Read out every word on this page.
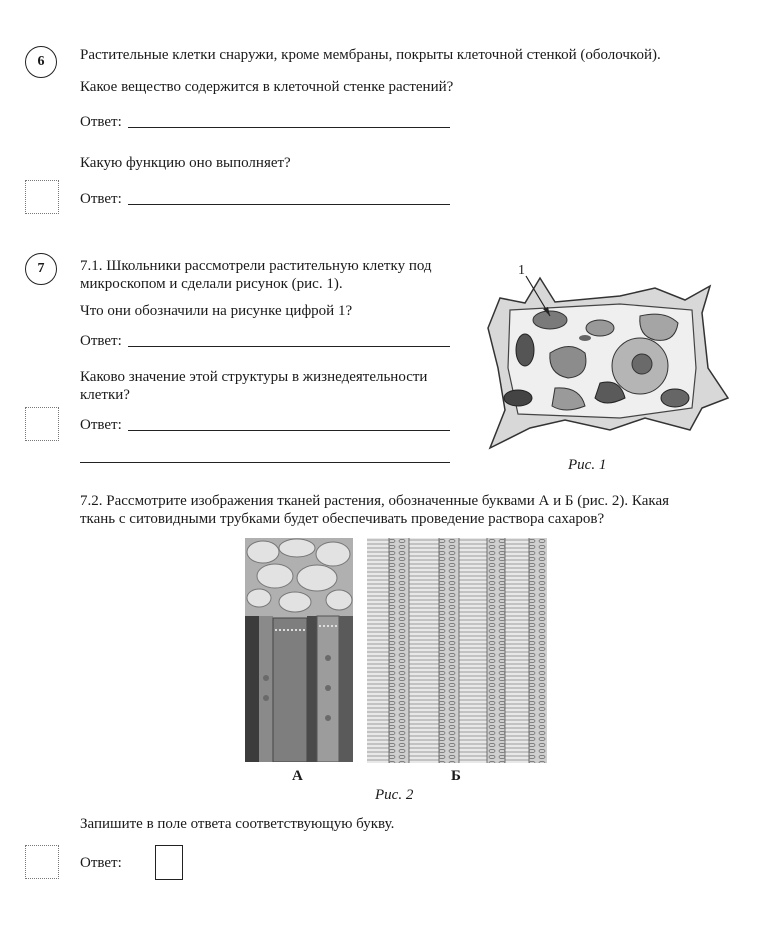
6	Растительные клетки снаружи, кроме мембраны, покрыты клеточной стенкой (оболочкой).
Какое вещество содержится в клеточной стенке растений?
Ответ:
Какую функцию оно выполняет?
Ответ:
7	7.1. Школьники рассмотрели растительную клетку под
микроскопом и сделали рисунок (рис. 1).
Что они обозначили на рисунке цифрой 1?
Ответ:
Каково значение этой структуры в жизнедеятельности
клетки?
Ответ:
1
Рис. 1
7.2. Рассмотрите изображения тканей растения, обозначенные буквами А и Б (рис. 2). Какая
ткань с ситовидными трубками будет обеспечивать проведение раствора сахаров?
А	Б
Рис. 2
Запишите в поле ответа соответствующую букву.
Ответ:
